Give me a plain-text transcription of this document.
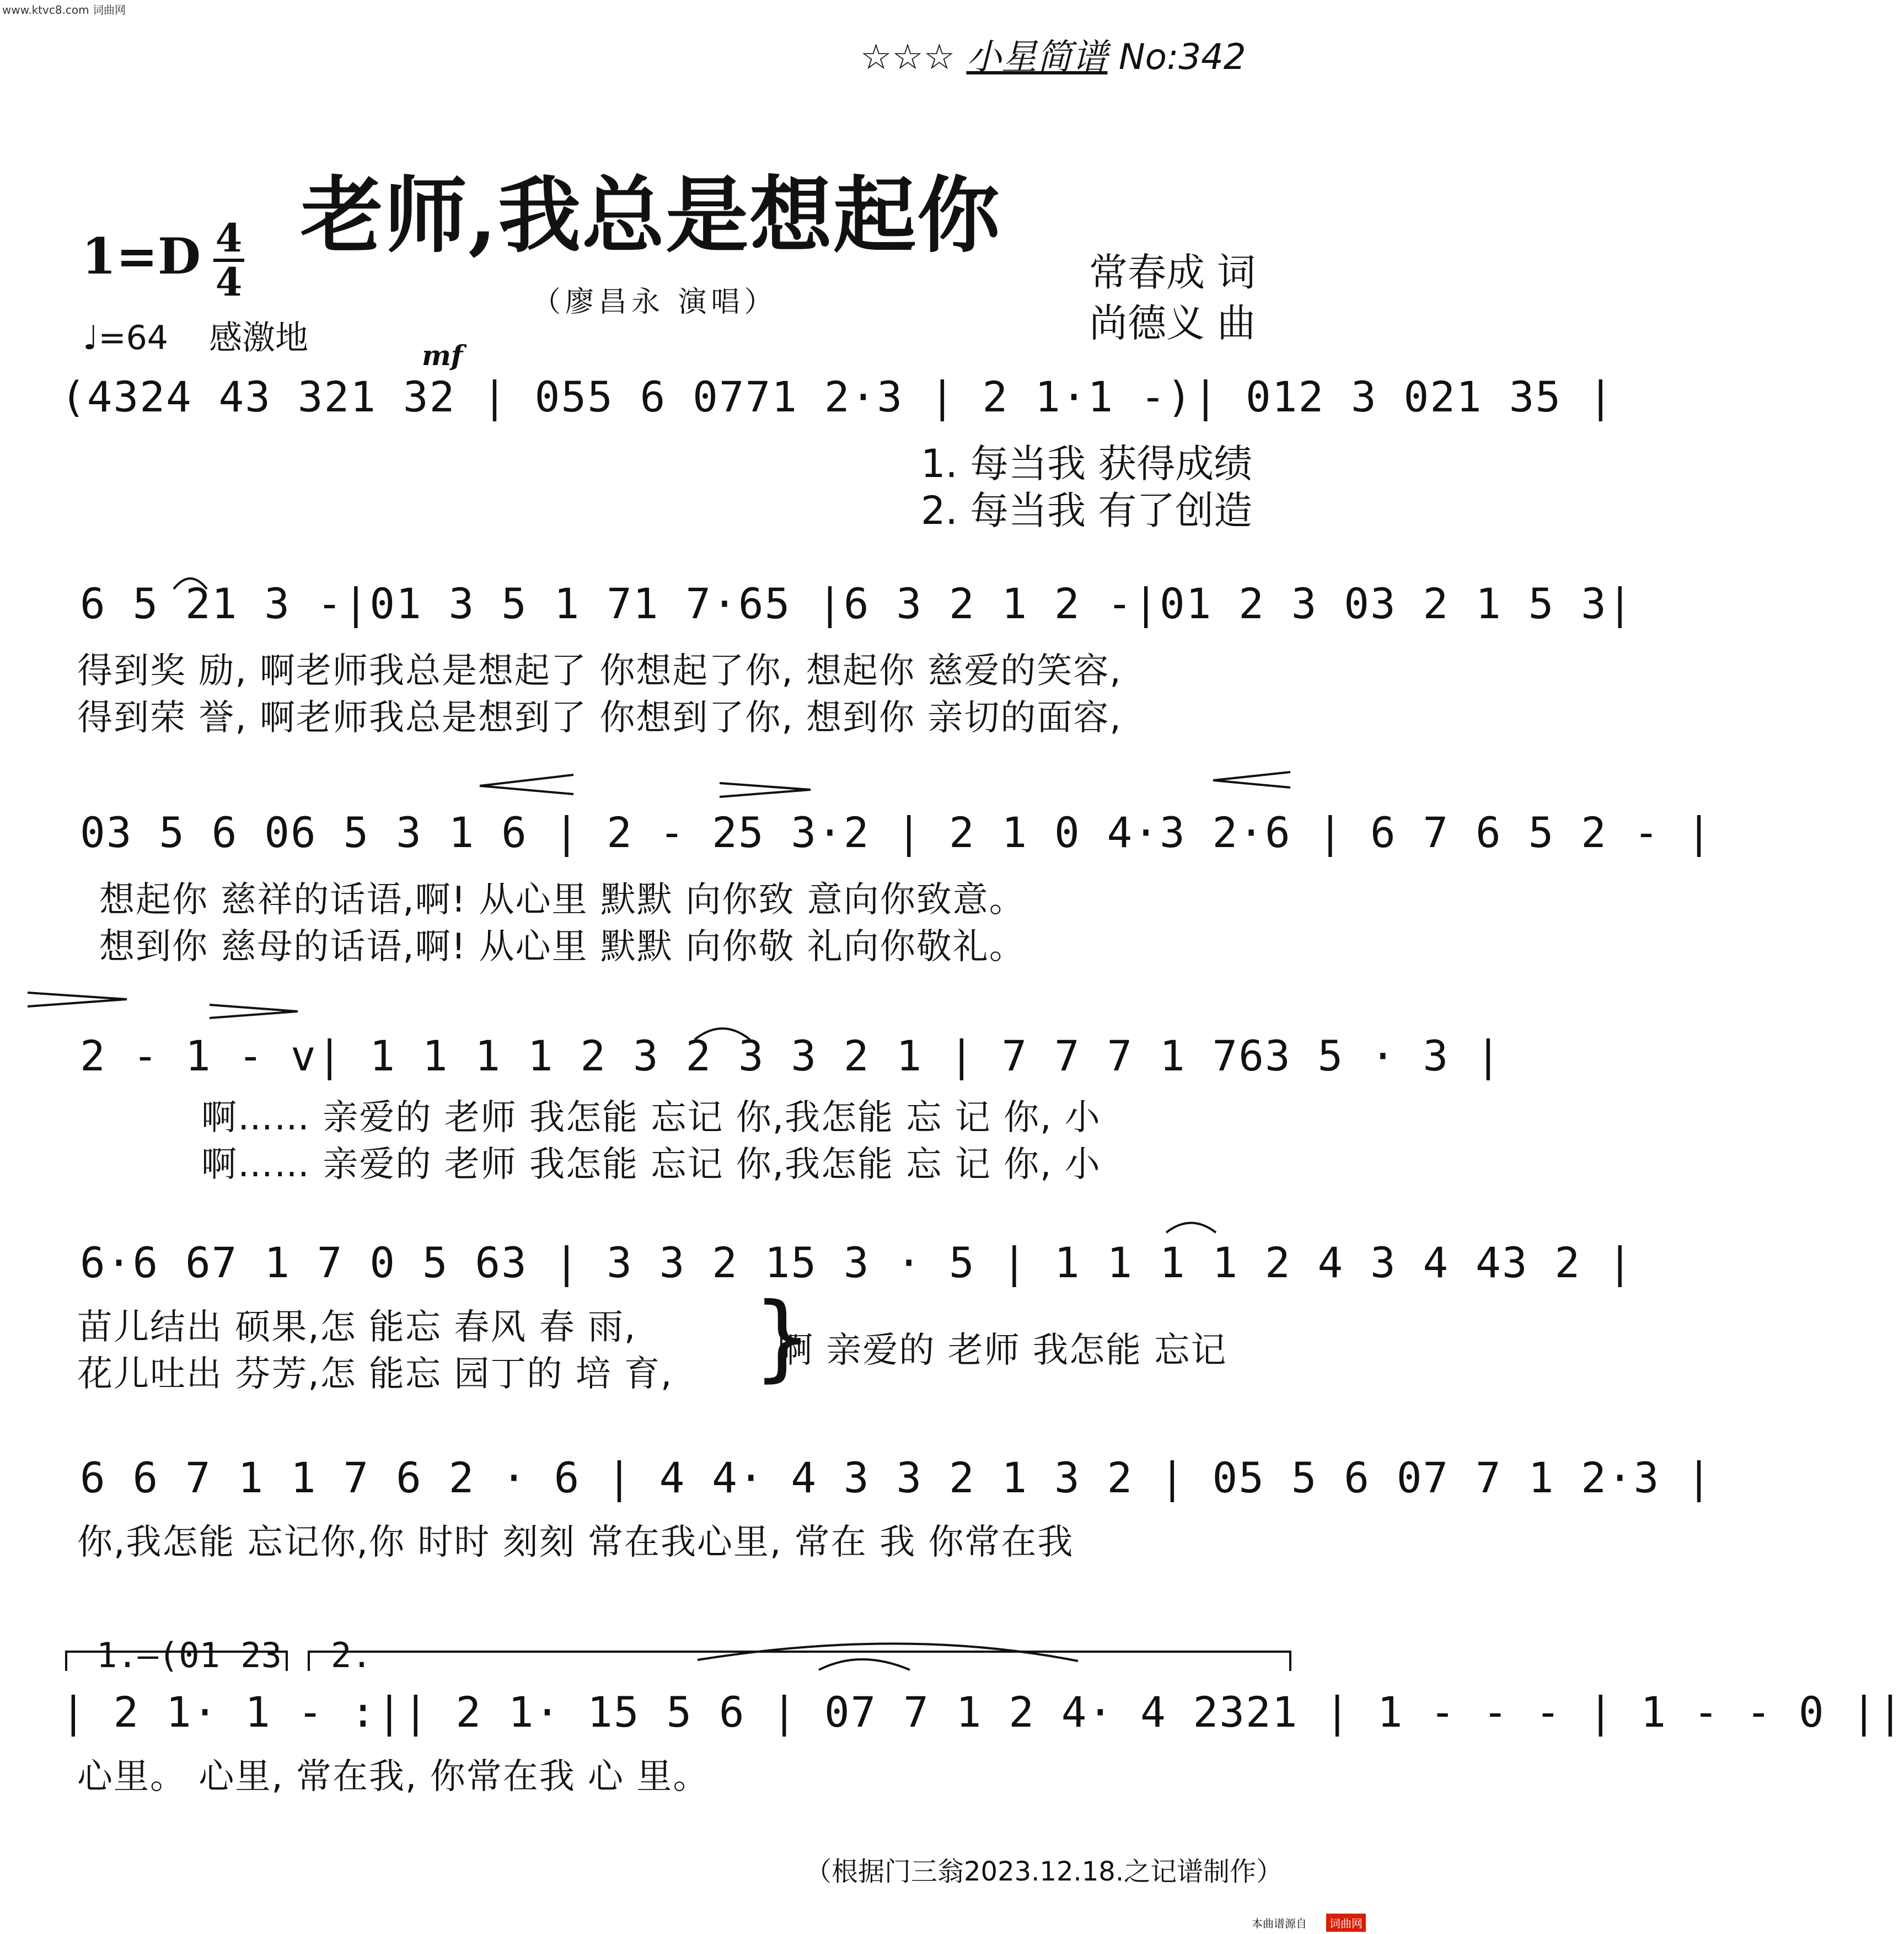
www.ktvc8.com 词曲网
☆☆☆ 小星简谱 No:342
老师,我总是想起你
（廖昌永 演唱）
常春成 词
尚德义 曲
1=D 4
4
♩=64 感激地	mf
(4324 43 321 32 | 055 6 0771 2·3 | 2 1·1 -)| 012 3 021 35 |
1. 每当我 获得成绩
2. 每当我 有了创造
6 5 21 3 -|01 3 5 1 71 7·65 |6 3 2 1 2 -|01 2 3 03 2 1 5 3|
得到奖 励, 啊老师我总是想起了 你想起了你, 想起你 慈爱的笑容,
得到荣 誉, 啊老师我总是想到了 你想到了你, 想到你 亲切的面容,
03 5 6 06 5 3 1 6 | 2 - 25 3·2 | 2 1 0 4·3 2·6 | 6 7 6 5 2 - |
想起你 慈祥的话语,啊! 从心里 默默 向你致 意向你致意。
想到你 慈母的话语,啊! 从心里 默默 向你敬 礼向你敬礼。
2 - 1 - v| 1 1 1 1 2 3 2 3 3 2 1 | 7 7 7 1 763 5 · 3 |
啊…… 亲爱的 老师 我怎能 忘记 你,我怎能 忘 记 你, 小
啊…… 亲爱的 老师 我怎能 忘记 你,我怎能 忘 记 你, 小
6·6 67 1 7 0 5 63 | 3 3 2 15 3 · 5 | 1 1 1 1 2 4 3 4 43 2 |
苗儿结出 硕果,怎 能忘 春风 春 雨,
花儿吐出 芬芳,怎 能忘 园丁的 培 育, }
啊 亲爱的 老师 我怎能 忘记
6 6 7 1 1 7 6 2 · 6 | 4 4· 4 3 3 2 1 3 2 | 05 5 6 07 7 1 2·3 |
你,我怎能 忘记你,你 时时 刻刻 常在我心里, 常在 我 你常在我
1.—(01 23 2.
| 2 1· 1 - :|| 2 1· 15 5 6 | 07 7 1 2 4· 4 2321 | 1 - - - | 1 - - 0 ||
心里。 心里, 常在我, 你常在我 心 里。
（根据门三翁2023.12.18.之记谱制作）
本曲谱源自	词曲网
